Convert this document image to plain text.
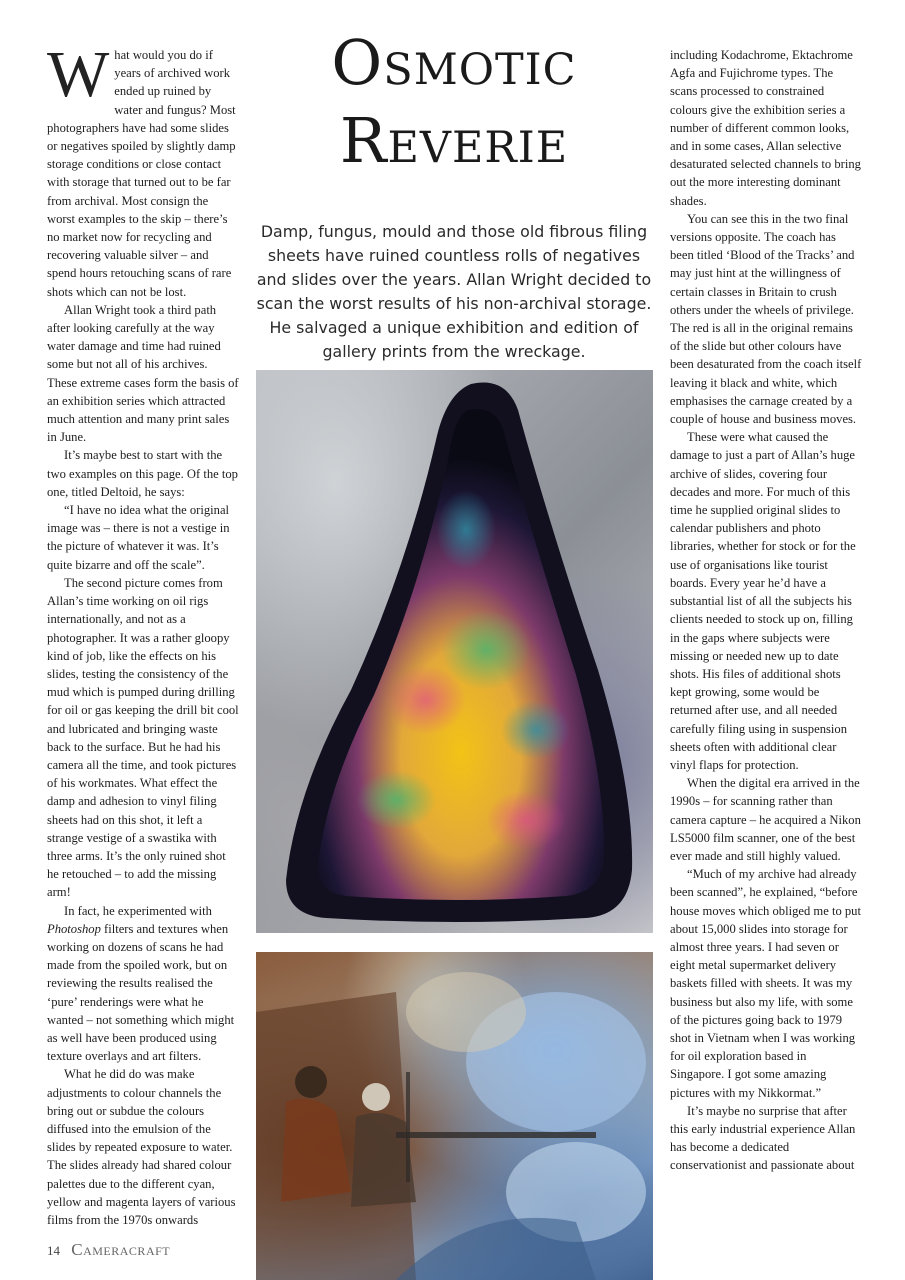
What would you do if years of archived work ended up ruined by water and fungus? Most photographers have had some slides or negatives spoiled by slightly damp storage conditions or close contact with storage that turned out to be far from archival. Most consign the worst examples to the skip – there’s no market now for recycling and recovering valuable silver – and spend hours retouching scans of rare shots which can not be lost.

Allan Wright took a third path after looking carefully at the way water damage and time had ruined some but not all of his archives. These extreme cases form the basis of an exhibition series which attracted much attention and many print sales in June.

It’s maybe best to start with the two examples on this page. Of the top one, titled Deltoid, he says:

“I have no idea what the original image was – there is not a vestige in the picture of whatever it was. It’s quite bizarre and off the scale”.

The second picture comes from Allan’s time working on oil rigs internationally, and not as a photographer. It was a rather gloopy kind of job, like the effects on his slides, testing the consistency of the mud which is pumped during drilling for oil or gas keeping the drill bit cool and lubricated and bringing waste back to the surface. But he had his camera all the time, and took pictures of his workmates. What effect the damp and adhesion to vinyl filing sheets had on this shot, it left a strange vestige of a swastika with three arms. It’s the only ruined shot he retouched – to add the missing arm!

In fact, he experimented with Photoshop filters and textures when working on dozens of scans he had made from the spoiled work, but on reviewing the results realised the ‘pure’ renderings were what he wanted – not something which might as well have been produced using texture overlays and art filters.

What he did do was make adjustments to colour channels the bring out or subdue the colours diffused into the emulsion of the slides by repeated exposure to water. The slides already had shared colour palettes due to the different cyan, yellow and magenta layers of various films from the 1970s onwards

Osmotic
Reverie

Damp, fungus, mould and those old fibrous filing sheets have ruined countless rolls of negatives and slides over the years. Allan Wright decided to scan the worst results of his non-archival storage. He salvaged a unique exhibition and edition of gallery prints from the wreckage.

including Kodachrome, Ektachrome Agfa and Fujichrome types. The scans processed to constrained colours give the exhibition series a number of different common looks, and in some cases, Allan selective desaturated selected channels to bring out the more interesting dominant shades.

You can see this in the two final versions opposite. The coach has been titled ‘Blood of the Tracks’ and may just hint at the willingness of certain classes in Britain to crush others under the wheels of privilege. The red is all in the original remains of the slide but other colours have been desaturated from the coach itself leaving it black and white, which emphasises the carnage created by a couple of house and business moves.

These were what caused the damage to just a part of Allan’s huge archive of slides, covering four decades and more. For much of this time he supplied original slides to calendar publishers and photo libraries, whether for stock or for the use of organisations like tourist boards. Every year he’d have a substantial list of all the subjects his clients needed to stock up on, filling in the gaps where subjects were missing or needed new up to date shots. His files of additional shots kept growing, some would be returned after use, and all needed carefully filing using in suspension sheets often with additional clear vinyl flaps for protection.

When the digital era arrived in the 1990s – for scanning rather than camera capture – he acquired a Nikon LS5000 film scanner, one of the best ever made and still highly valued.

“Much of my archive had already been scanned”, he explained, “before house moves which obliged me to put about 15,000 slides into storage for almost three years. I had seven or eight metal supermarket delivery baskets filled with sheets. It was my business but also my life, with some of the pictures going back to 1979 shot in Vietnam when I was working for oil exploration based in Singapore. I got some amazing pictures with my Nikkormat.”

It’s maybe no surprise that after this early industrial experience Allan has become a dedicated conservationist and passionate about

14 CAMERACRAFT
